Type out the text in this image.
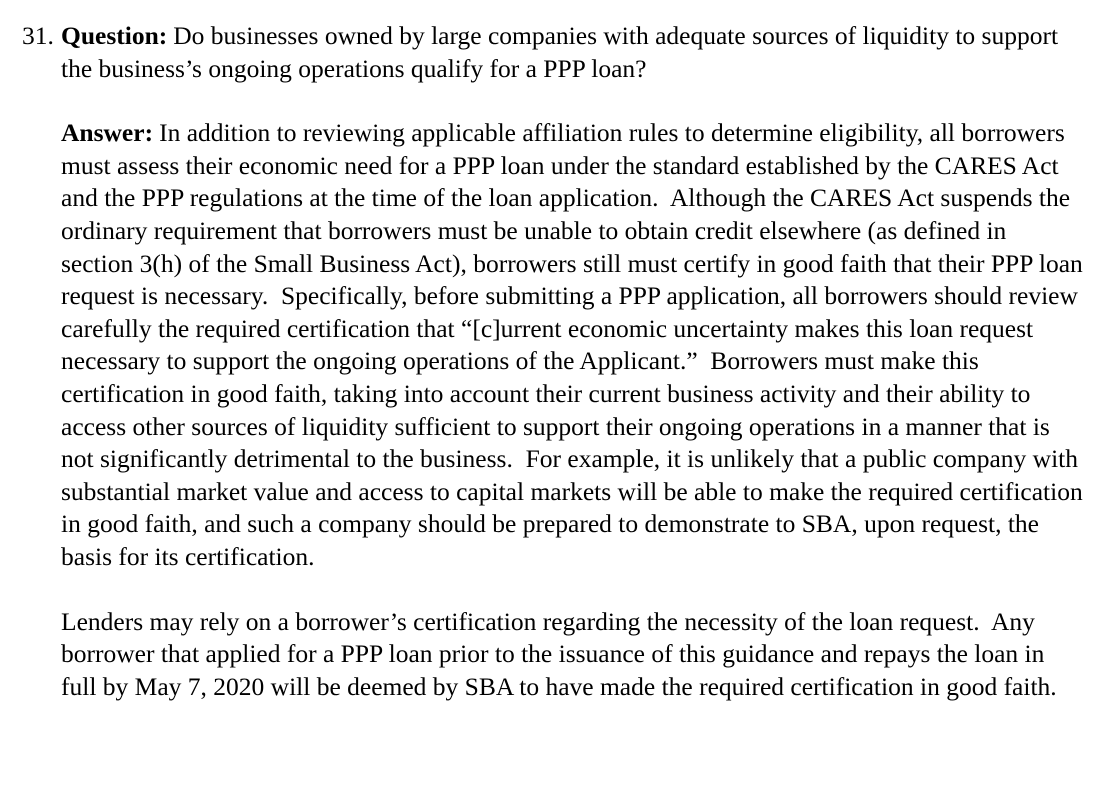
31. Question: Do businesses owned by large companies with adequate sources of liquidity to support the business’s ongoing operations qualify for a PPP loan?

Answer: In addition to reviewing applicable affiliation rules to determine eligibility, all borrowers must assess their economic need for a PPP loan under the standard established by the CARES Act and the PPP regulations at the time of the loan application.  Although the CARES Act suspends the ordinary requirement that borrowers must be unable to obtain credit elsewhere (as defined in section 3(h) of the Small Business Act), borrowers still must certify in good faith that their PPP loan request is necessary.  Specifically, before submitting a PPP application, all borrowers should review carefully the required certification that “[c]urrent economic uncertainty makes this loan request necessary to support the ongoing operations of the Applicant.”  Borrowers must make this certification in good faith, taking into account their current business activity and their ability to access other sources of liquidity sufficient to support their ongoing operations in a manner that is not significantly detrimental to the business.  For example, it is unlikely that a public company with substantial market value and access to capital markets will be able to make the required certification in good faith, and such a company should be prepared to demonstrate to SBA, upon request, the basis for its certification.

Lenders may rely on a borrower’s certification regarding the necessity of the loan request.  Any borrower that applied for a PPP loan prior to the issuance of this guidance and repays the loan in full by May 7, 2020 will be deemed by SBA to have made the required certification in good faith.
